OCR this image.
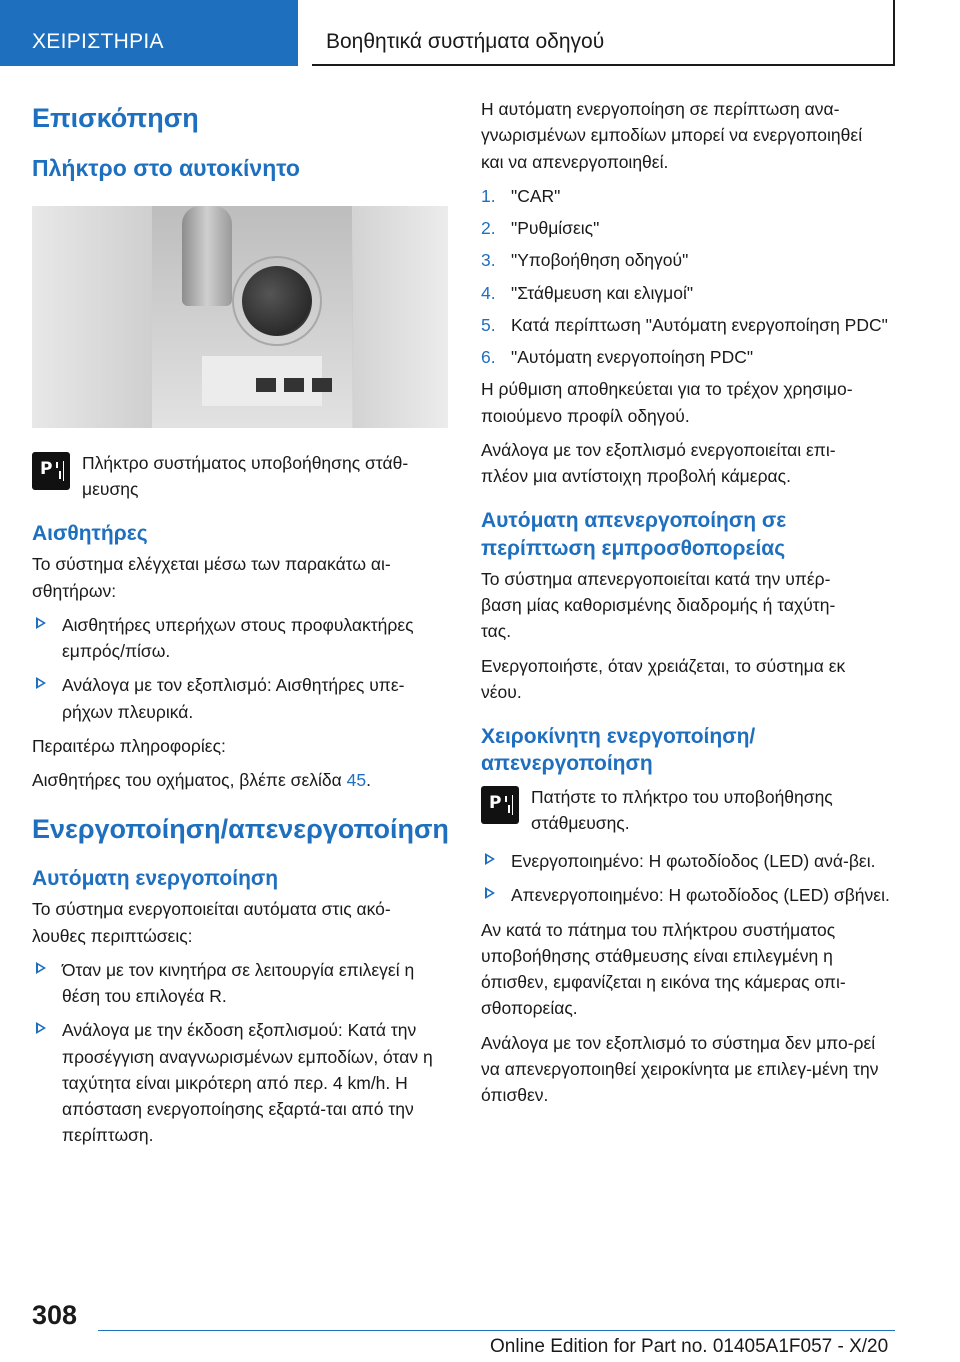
ΧΕΙΡΙΣΤΗΡΙΑ	Βοηθητικά συστήματα οδηγού
Επισκόπηση
Πλήκτρο στο αυτοκίνητο
P Πλήκτρο συστήματος υποβοήθησης στάθ‐
μευσης

Αισθητήρες

Το σύστημα ελέγχεται μέσω των παρακάτω αι‐
σθητήρων:

Αισθητήρες υπερήχων στους προφυλακτήρες εμπρός/πίσω.
Ανάλογα με τον εξοπλισμό: Αισθητήρες υπε‐ρήχων πλευρικά.

Περαιτέρω πληροφορίες:

Αισθητήρες του οχήματος, βλέπε σελίδα 45.

Ενεργοποίηση/απενεργοποίηση
Αυτόματη ενεργοποίηση

Το σύστημα ενεργοποιείται αυτόματα στις ακό‐
λουθες περιπτώσεις:

Όταν με τον κινητήρα σε λειτουργία επιλεγεί η θέση του επιλογέα R.
Ανάλογα με την έκδοση εξοπλισμού: Κατά την προσέγγιση αναγνωρισμένων εμποδίων, όταν η ταχύτητα είναι μικρότερη από περ. 4 km/h. Η απόσταση ενεργοποίησης εξαρτά‐ται από την περίπτωση.

Η αυτόματη ενεργοποίηση σε περίπτωση ανα‐
γνωρισμένων εμποδίων μπορεί να ενεργοποιηθεί
και να απενεργοποιηθεί.

1. "CAR"
2. "Ρυθμίσεις"
3. "Υποβοήθηση οδηγού"
4. "Στάθμευση και ελιγμοί"
5. Κατά περίπτωση "Αυτόματη ενεργοποίηση PDC"
6. "Αυτόματη ενεργοποίηση PDC"

Η ρύθμιση αποθηκεύεται για το τρέχον χρησιμο‐
ποιούμενο προφίλ οδηγού.

Ανάλογα με τον εξοπλισμό ενεργοποιείται επι‐
πλέον μια αντίστοιχη προβολή κάμερας.

Αυτόματη απενεργοποίηση σε περίπτωση εμπροσθοπορείας

Το σύστημα απενεργοποιείται κατά την υπέρ‐
βαση μίας καθορισμένης διαδρομής ή ταχύτη‐
τας.

Ενεργοποιήστε, όταν χρειάζεται, το σύστημα εκ
νέου.

Χειροκίνητη ενεργοποίηση/
απενεργοποίηση
P Πατήστε το πλήκτρο του υποβοήθησης
στάθμευσης.

Ενεργοποιημένο: Η φωτοδίοδος (LED) ανά‐βει.
Απενεργοποιημένο: Η φωτοδίοδος (LED) σβήνει.

Αν κατά το πάτημα του πλήκτρου συστήματος υποβοήθησης στάθμευσης είναι επιλεγμένη η όπισθεν, εμφανίζεται η εικόνα της κάμερας οπι‐σθοπορείας.

Ανάλογα με τον εξοπλισμό το σύστημα δεν μπο‐ρεί να απενεργοποιηθεί χειροκίνητα με επιλεγ‐μένη την όπισθεν.

308
Online Edition for Part no. 01405A1F057 - X/20
